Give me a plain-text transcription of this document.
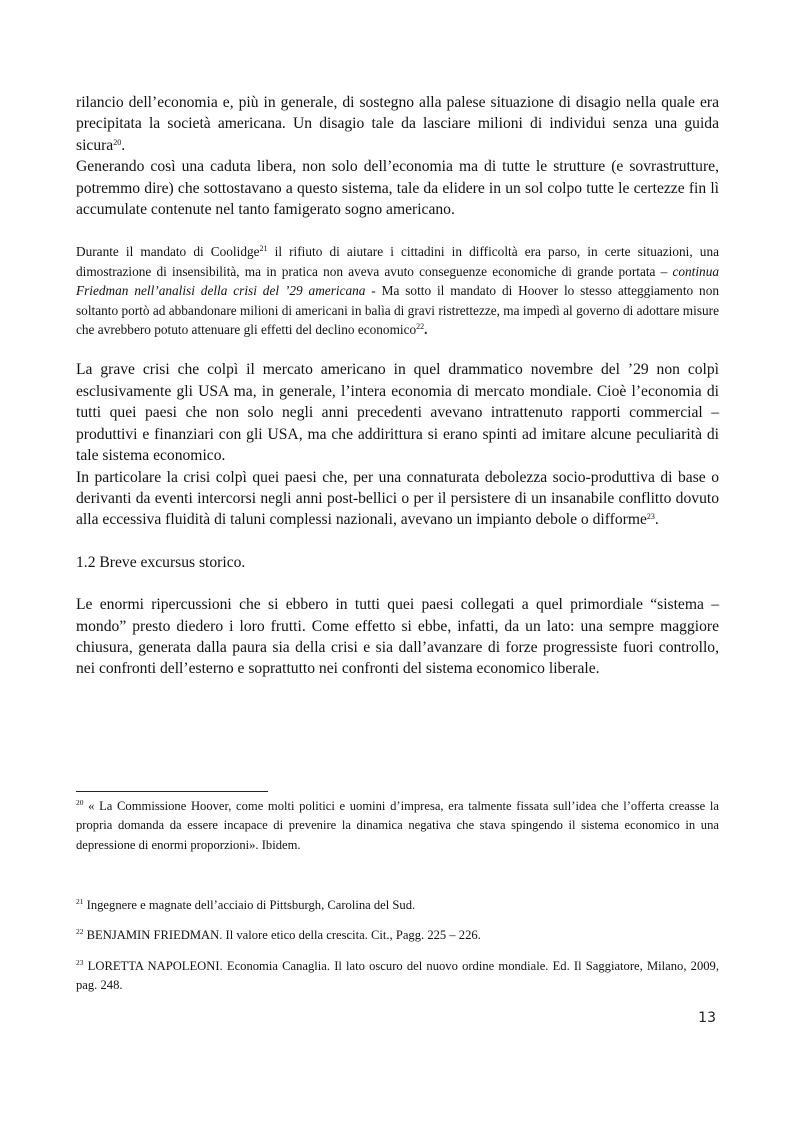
rilancio dell’economia e, più in generale, di sostegno alla palese situazione di disagio nella quale era precipitata la società americana. Un disagio tale da lasciare milioni di individui senza una guida sicura$^{20}$.

Generando così una caduta libera, non solo dell’economia ma di tutte le strutture (e sovrastrutture, potremmo dire) che sottostavano a questo sistema, tale da elidere in un sol colpo tutte le certezze fin lì accumulate contenute nel tanto famigerato sogno americano.

Durante il mandato di Coolidge$^{21}$ il rifiuto di aiutare i cittadini in difficoltà era parso, in certe situazioni, una dimostrazione di insensibilità, ma in pratica non aveva avuto conseguenze economiche di grande portata – continua Friedman nell’analisi della crisi del ’29 americana - Ma sotto il mandato di Hoover lo stesso atteggiamento non soltanto portò ad abbandonare milioni di americani in balìa di gravi ristrettezze, ma impedì al governo di adottare misure che avrebbero potuto attenuare gli effetti del declino economico$^{22}$.

La grave crisi che colpì il mercato americano in quel drammatico novembre del ’29 non colpì esclusivamente gli USA ma, in generale, l’intera economia di mercato mondiale. Cioè l’economia di tutti quei paesi che non solo negli anni precedenti avevano intrattenuto rapporti commercial – produttivi e finanziari con gli USA, ma che addirittura si erano spinti ad imitare alcune peculiarità di tale sistema economico.

In particolare la crisi colpì quei paesi che, per una connaturata debolezza socio-produttiva di base o derivanti da eventi intercorsi negli anni post-bellici o per il persistere di un insanabile conflitto dovuto alla eccessiva fluidità di taluni complessi nazionali, avevano un impianto debole o difforme$^{23}$.

1.2 Breve excursus storico.

Le enormi ripercussioni che si ebbero in tutti quei paesi collegati a quel primordiale “sistema – mondo” presto diedero i loro frutti. Come effetto si ebbe, infatti, da un lato: una sempre maggiore chiusura, generata dalla paura sia della crisi e sia dall’avanzare di forze progressiste fuori controllo, nei confronti dell’esterno e soprattutto nei confronti del sistema economico liberale.

$^{20}$ « La Commissione Hoover, come molti politici e uomini d’impresa, era talmente fissata sull’idea che l’offerta creasse la propria domanda da essere incapace di prevenire la dinamica negativa che stava spingendo il sistema economico in una depressione di enormi proporzioni». Ibidem.

$^{21}$ Ingegnere e magnate dell’acciaio di Pittsburgh, Carolina del Sud.

$^{22}$ BENJAMIN FRIEDMAN. Il valore etico della crescita. Cit., Pagg. 225 – 226.

$^{23}$ LORETTA NAPOLEONI. Economia Canaglia. Il lato oscuro del nuovo ordine mondiale. Ed. Il Saggiatore, Milano, 2009, pag. 248.

13
